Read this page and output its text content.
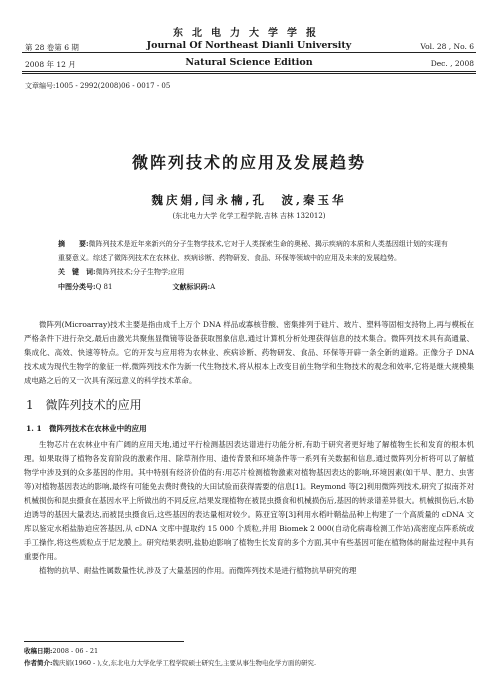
东北电力大学学报
Journal Of Northeast Dianli University
Natural Science Edition
第 28 卷第 6 期
2008 年 12 月
Vol. 28 , No. 6
Dec. , 2008
文章编号:1005 - 2992(2008)06 - 0017 - 05
微阵列技术的应用及发展趋势
魏庆娟,闫永楠,孔　波,秦玉华
(东北电力大学 化学工程学院,吉林 吉林 132012)

摘　　要:微阵列技术是近年来新兴的分子生物学技术,它对于人类探索生命的奥秘、揭示疾病的本质和人类基因组计划的实现有重要意义。综述了微阵列技术在农林业、疾病诊断、药物研发、食品、环保等领域中的应用及未来的发展趋势。

关　键　词:微阵列技术;分子生物学;应用

中图分类号:Q 81	文献标识码:A

微阵列(Microarray)技术主要是指由成千上万个 DNA 样品或寡核苷酸、密集排列于硅片、玻片、塑料等固相支持物上,再与模板在严格条件下进行杂交,最后由激光共聚焦显微镜等设备获取图象信息,通过计算机分析处理获得信息的技术集合。微阵列技术具有高通量、集成化、高效、快速等特点。它的开发与应用将为农林业、疾病诊断、药物研发、食品、环保等开辟一条全新的道路。正像分子 DNA 技术成为现代生物学的象征一样,微阵列技术作为新一代生物技术,将从根本上改变目前生物学和生物技术的观念和效率,它将是继大规模集成电路之后的又一次具有深远意义的科学技术革命。

1　微阵列技术的应用
1. 1　微阵列技术在农林业中的应用

生物芯片在农林业中有广阔的应用天地,通过平行检测基因表达谱进行功能分析,有助于研究者更好地了解植物生长和发育的根本机理。如果取得了植物各发育阶段的激素作用、除草剂作用、遗传背景和环境条件等一系列有关数据和信息,通过微阵列分析将可以了解植物学中涉及到的众多基因的作用。其中特别有经济价值的有:用芯片检测植物激素对植物基因表达的影响,环境因素(如干旱、肥力、虫害等)对植物基因表达的影响,最终有可能免去费时费钱的大田试验而获得需要的信息[1]。Reymond 等[2]利用微阵列技术,研究了拟南芥对机械损伤和昆虫摄食在基因水平上所做出的不同反应,结果发现植物在被昆虫摄食和机械损伤后,基因的转录谱差异很大。机械损伤后,水胁迫诱导的基因大量表达,而被昆虫摄食后,这些基因的表达量相对较少。陈亚宜等[3]利用水稻叶鞘盐品种上构建了一个高质量的 cDNA 文库以鉴定水稻盐胁迫应答基因,从 cDNA 文库中提取约 15 000 个质粒,并用 Biomek 2 000(自动化病毒检测工作站)高密度点阵系统或手工操作,将这些质粒点于尼龙膜上。研究结果表明,盐胁迫影响了植物生长发育的多个方面,其中有些基因可能在植物体的耐盐过程中具有重要作用。

植物的抗旱、耐盐性属数量性状,涉及了大量基因的作用。而微阵列技术是进行植物抗旱研究的理

收稿日期:2008 - 06 - 21
作者简介:魏庆娟(1960 - ),女,东北电力大学化学工程学院硕士研究生,主要从事生物电化学方面的研究.
